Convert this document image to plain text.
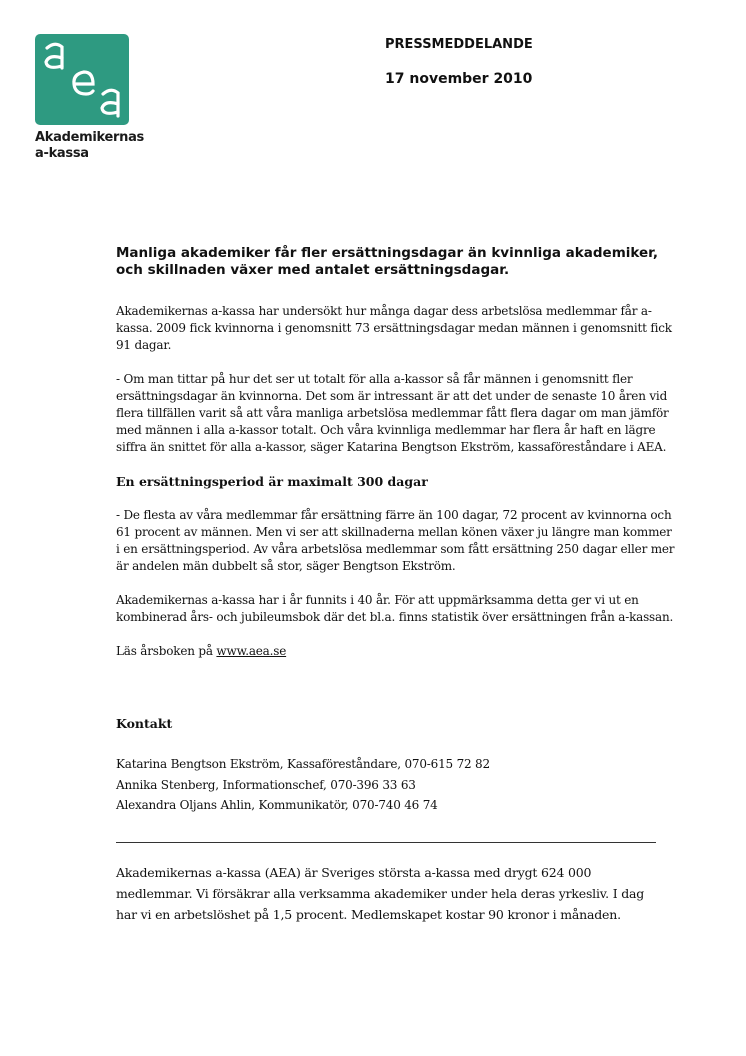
Akademikernas
a-kassa
PRESSMEDDELANDE
17 november 2010
Manliga akademiker får fler ersättningsdagar än kvinnliga akademiker, och skillnaden växer med antalet ersättningsdagar.

Akademikernas a-kassa har undersökt hur många dagar dess arbetslösa medlemmar får a-kassa. 2009 fick kvinnorna i genomsnitt 73 ersättningsdagar medan männen i genomsnitt fick 91 dagar.

- Om man tittar på hur det ser ut totalt för alla a-kassor så får männen i genomsnitt fler ersättningsdagar än kvinnorna. Det som är intressant är att det under de senaste 10 åren vid flera tillfällen varit så att våra manliga arbetslösa medlemmar fått flera dagar om man jämför med männen i alla a-kassor totalt. Och våra kvinnliga medlemmar har flera år haft en lägre siffra än snittet för alla a-kassor, säger Katarina Bengtson Ekström, kassaföreståndare i AEA.

En ersättningsperiod är maximalt 300 dagar

- De flesta av våra medlemmar får ersättning färre än 100 dagar, 72 procent av kvinnorna och 61 procent av männen. Men vi ser att skillnaderna mellan könen växer ju längre man kommer i en ersättningsperiod. Av våra arbetslösa medlemmar som fått ersättning 250 dagar eller mer är andelen män dubbelt så stor, säger Bengtson Ekström.

Akademikernas a-kassa har i år funnits i 40 år. För att uppmärksamma detta ger vi ut en kombinerad års- och jubileumsbok där det bl.a. finns statistik över ersättningen från a-kassan.

Läs årsboken på www.aea.se

Kontakt
Katarina Bengtson Ekström, Kassaföreståndare, 070-615 72 82
Annika Stenberg, Informationschef, 070-396 33 63
Alexandra Oljans Ahlin, Kommunikatör, 070-740 46 74
Akademikernas a-kassa (AEA) är Sveriges största a-kassa med drygt 624 000 medlemmar. Vi försäkrar alla verksamma akademiker under hela deras yrkesliv. I dag har vi en arbetslöshet på 1,5 procent. Medlemskapet kostar 90 kronor i månaden.
